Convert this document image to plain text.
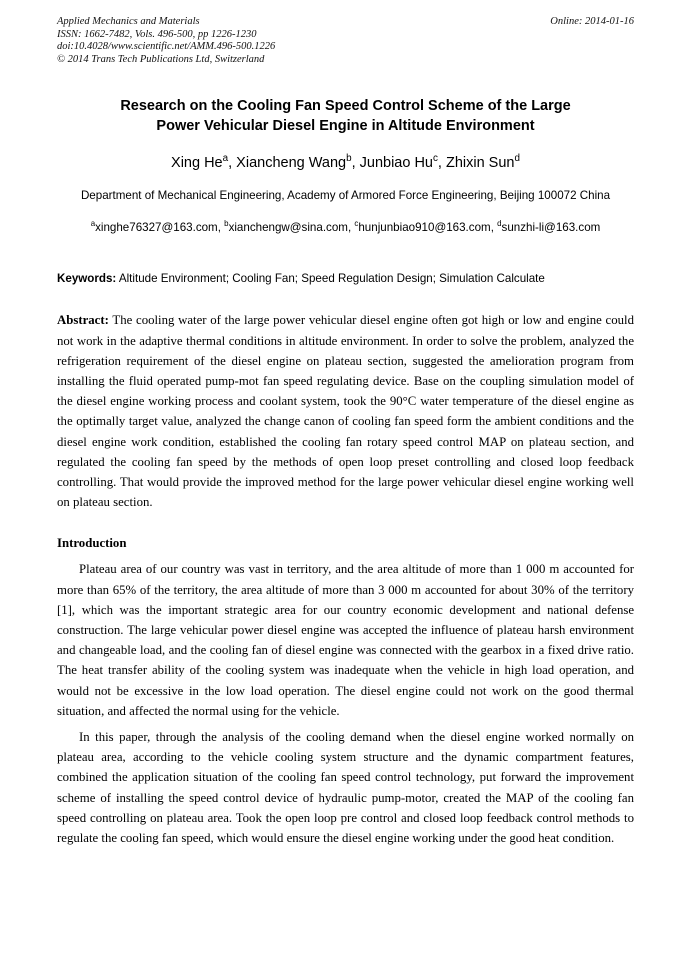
Applied Mechanics and Materials
ISSN: 1662-7482, Vols. 496-500, pp 1226-1230
doi:10.4028/www.scientific.net/AMM.496-500.1226
© 2014 Trans Tech Publications Ltd, Switzerland
Online: 2014-01-16
Research on the Cooling Fan Speed Control Scheme of the Large Power Vehicular Diesel Engine in Altitude Environment
Xing He$^a$, Xiancheng Wang$^b$, Junbiao Hu$^c$, Zhixin Sun$^d$
Department of Mechanical Engineering, Academy of Armored Force Engineering, Beijing 100072 China
$^a$xinghe76327@163.com, $^b$xianchengw@sina.com, $^c$hunjunbiao910@163.com, $^d$sunzhi-li@163.com
Keywords: Altitude Environment; Cooling Fan; Speed Regulation Design; Simulation Calculate
Abstract: The cooling water of the large power vehicular diesel engine often got high or low and engine could not work in the adaptive thermal conditions in altitude environment. In order to solve the problem, analyzed the refrigeration requirement of the diesel engine on plateau section, suggested the amelioration program from installing the fluid operated pump-mot fan speed regulating device. Base on the coupling simulation model of the diesel engine working process and coolant system, took the 90°C water temperature of the diesel engine as the optimally target value, analyzed the change canon of cooling fan speed form the ambient conditions and the diesel engine work condition, established the cooling fan rotary speed control MAP on plateau section, and regulated the cooling fan speed by the methods of open loop preset controlling and closed loop feedback controlling. That would provide the improved method for the large power vehicular diesel engine working well on plateau section.
Introduction
Plateau area of our country was vast in territory, and the area altitude of more than 1 000 m accounted for more than 65% of the territory, the area altitude of more than 3 000 m accounted for about 30% of the territory [1], which was the important strategic area for our country economic development and national defense construction. The large vehicular power diesel engine was accepted the influence of plateau harsh environment and changeable load, and the cooling fan of diesel engine was connected with the gearbox in a fixed drive ratio. The heat transfer ability of the cooling system was inadequate when the vehicle in high load operation, and would not be excessive in the low load operation. The diesel engine could not work on the good thermal situation, and affected the normal using for the vehicle.
In this paper, through the analysis of the cooling demand when the diesel engine worked normally on plateau area, according to the vehicle cooling system structure and the dynamic compartment features, combined the application situation of the cooling fan speed control technology, put forward the improvement scheme of installing the speed control device of hydraulic pump-motor, created the MAP of the cooling fan speed controlling on plateau area. Took the open loop pre control and closed loop feedback control methods to regulate the cooling fan speed, which would ensure the diesel engine working under the good heat condition.
